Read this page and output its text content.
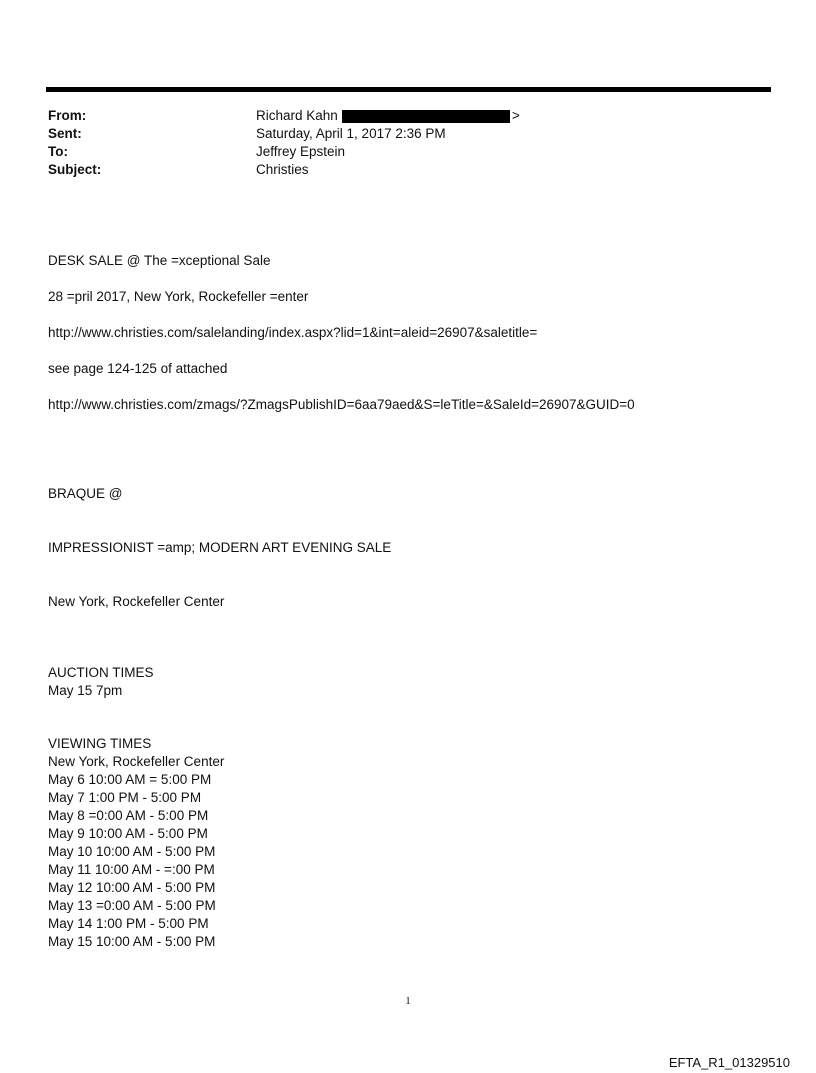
From:	Richard Kahn	>
Sent:	Saturday, April 1, 2017 2:36 PM
To:	Jeffrey Epstein
Subject:	Christies
DESK SALE @ The =xceptional Sale
28 =pril 2017, New York, Rockefeller =enter
http://www.christies.com/salelanding/index.aspx?lid=1&int=aleid=26907&saletitle=
see page 124-125 of attached
http://www.christies.com/zmags/?ZmagsPublishID=6aa79aed&S=leTitle=&SaleId=26907&GUID=0
BRAQUE @
IMPRESSIONIST =amp; MODERN ART EVENING SALE
New York, Rockefeller Center
AUCTION TIMES
May 15 7pm
VIEWING TIMES
New York, Rockefeller Center
May 6 10:00 AM = 5:00 PM
May 7 1:00 PM - 5:00 PM
May 8 =0:00 AM - 5:00 PM
May 9 10:00 AM - 5:00 PM
May 10 10:00 AM - 5:00 PM
May 11 10:00 AM - =:00 PM
May 12 10:00 AM - 5:00 PM
May 13 =0:00 AM - 5:00 PM
May 14 1:00 PM - 5:00 PM
May 15 10:00 AM - 5:00 PM
1
EFTA_R1_01329510
